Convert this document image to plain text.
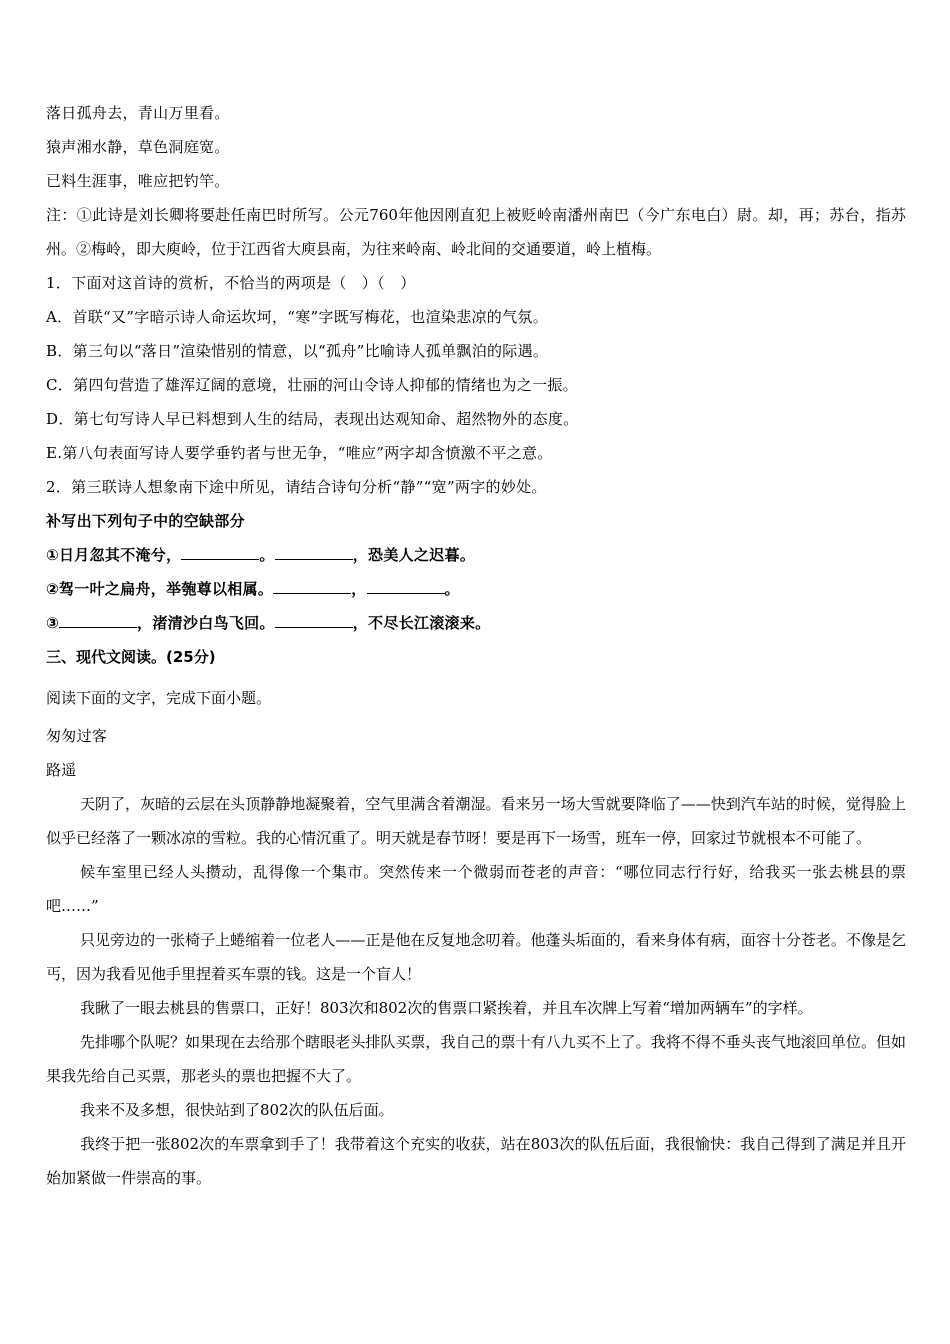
落日孤舟去，青山万里看。

猿声湘水静，草色洞庭宽。

已料生涯事，唯应把钓竿。

注：①此诗是刘长卿将要赴任南巴时所写。公元760年他因刚直犯上被贬岭南潘州南巴（今广东电白）尉。却，再；苏台，指苏州。②梅岭，即大庾岭，位于江西省大庾县南，为往来岭南、岭北间的交通要道，岭上植梅。

1．下面对这首诗的赏析，不恰当的两项是（　）（　）

A．首联“又”字暗示诗人命运坎坷，“寒”字既写梅花，也渲染悲凉的气氛。

B．第三句以“落日”渲染惜别的情意，以“孤舟”比喻诗人孤单飘泊的际遇。

C．第四句营造了雄浑辽阔的意境，壮丽的河山令诗人抑郁的情绪也为之一振。

D．第七句写诗人早已料想到人生的结局，表现出达观知命、超然物外的态度。

E.第八句表面写诗人要学垂钓者与世无争，“唯应”两字却含愤激不平之意。

2．第三联诗人想象南下途中所见，请结合诗句分析“静”“宽”两字的妙处。

补写出下列句子中的空缺部分

①日月忽其不淹兮，	。	，恐美人之迟暮。

②驾一叶之扁舟，举匏尊以相属。	，	。

③	，渚清沙白鸟飞回。	，不尽长江滚滚来。

三、现代文阅读。(25分)

阅读下面的文字，完成下面小题。

匆匆过客

路遥

天阴了，灰暗的云层在头顶静静地凝聚着，空气里满含着潮湿。看来另一场大雪就要降临了——快到汽车站的时候，觉得脸上似乎已经落了一颗冰凉的雪粒。我的心情沉重了。明天就是春节呀！要是再下一场雪，班车一停，回家过节就根本不可能了。

候车室里已经人头攒动，乱得像一个集市。突然传来一个微弱而苍老的声音：“哪位同志行行好，给我买一张去桃县的票吧……”

只见旁边的一张椅子上蜷缩着一位老人——正是他在反复地念叨着。他蓬头垢面的，看来身体有病，面容十分苍老。不像是乞丐，因为我看见他手里捏着买车票的钱。这是一个盲人！

我瞅了一眼去桃县的售票口，正好！803次和802次的售票口紧挨着，并且车次牌上写着“增加两辆车”的字样。

先排哪个队呢？如果现在去给那个瞎眼老头排队买票，我自己的票十有八九买不上了。我将不得不垂头丧气地滚回单位。但如果我先给自己买票，那老头的票也把握不大了。

我来不及多想，很快站到了802次的队伍后面。

我终于把一张802次的车票拿到手了！我带着这个充实的收获，站在803次的队伍后面，我很愉快：我自己得到了满足并且开始加紧做一件崇高的事。
